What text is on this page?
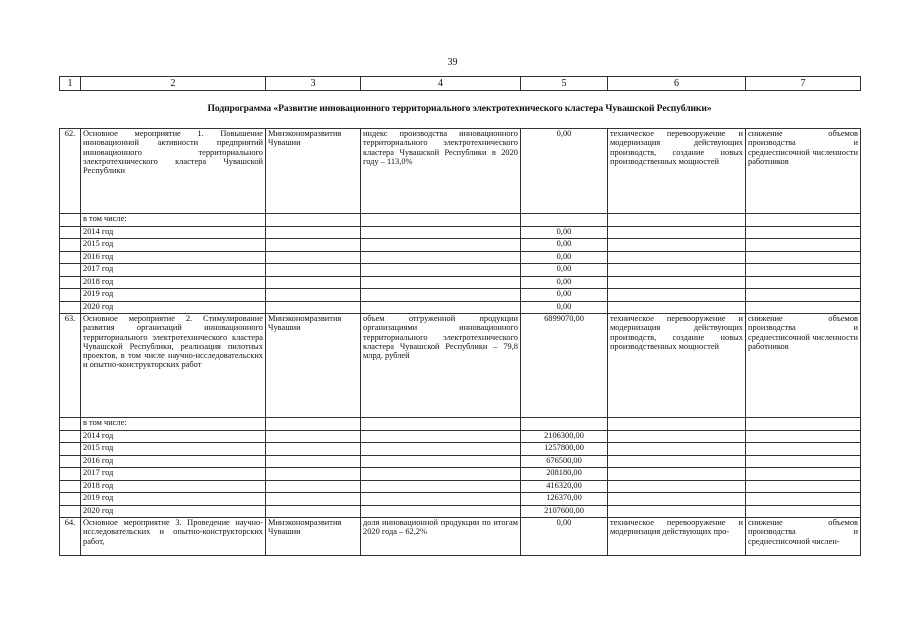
39
1	2	3	4	5	6	7
Подпрограмма «Развитие инновационного территориального электротехнического кластера Чувашской Республики»
62.	Основное мероприятие 1. Повышение инновационной активности предприятий инновационного территориального электротехнического кластера Чувашской Республики	Минэкономразвития Чувашии	индекс производства инновационного территориального электротехнического кластера Чувашской Республики в 2020 году – 113,0%	0,00	техническое перевооружение и модернизация действующих производств, создание новых производственных мощностей	снижение объемов производства и среднесписочной численности работников
	в том числе:					
	2014 год			0,00		
	2015 год			0,00		
	2016 год			0,00		
	2017 год			0,00		
	2018 год			0,00		
	2019 год			0,00		
	2020 год			0,00		
63.	Основное мероприятие 2. Стимулирование развития организаций инновационного территориального электротехнического кластера Чувашской Республики, реализация пилотных проектов, в том числе научно-исследовательских и опытно-конструкторских работ	Минэкономразвития Чувашии	объем отгруженной продукции организациями инновационного территориального электротехнического кластера Чувашской Республики – 79,8 млрд. рублей	6899070,00	техническое перевооружение и модернизация действующих производств, создание новых производственных мощностей	снижение объемов производства и среднесписочной численности работников
	в том числе:					
	2014 год			2106300,00		
	2015 год			1257800,00		
	2016 год			676500,00		
	2017 год			208180,00		
	2018 год			416320,00		
	2019 год			126370,00		
	2020 год			2107600,00		
64.	Основное мероприятие 3. Проведение научно-исследовательских и опытно-конструкторских работ,	Минэкономразвития Чувашии	доля инновационной продукции по итогам 2020 года – 62,2%	0,00	техническое перевооружение и модернизация действующих про-	снижение объемов производства и среднесписочной числен-
